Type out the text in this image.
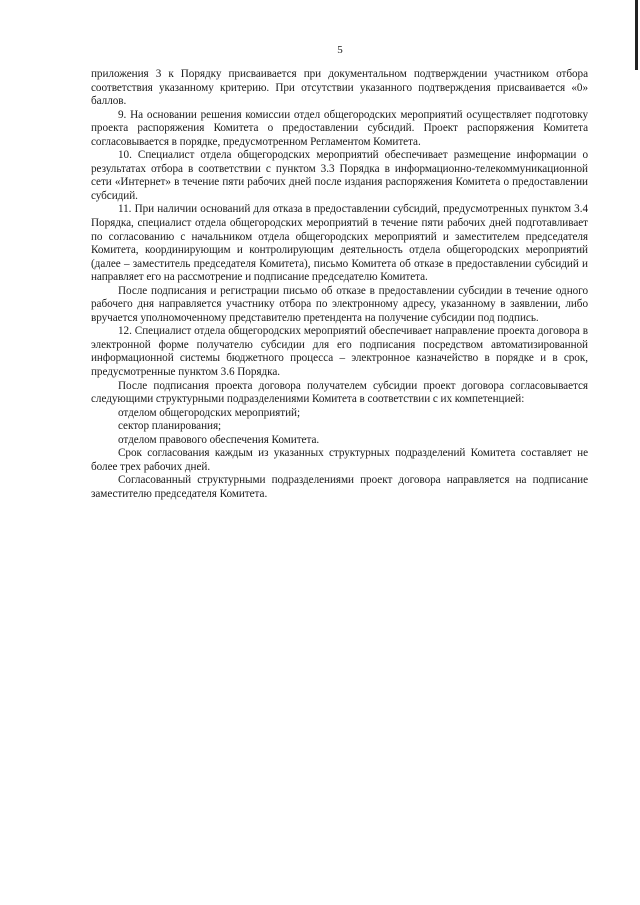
5

приложения 3 к Порядку присваивается при документальном подтверждении участником отбора соответствия указанному критерию. При отсутствии указанного подтверждения присваивается «0» баллов.

9. На основании решения комиссии отдел общегородских мероприятий осуществляет подготовку проекта распоряжения Комитета о предоставлении субсидий. Проект распоряжения Комитета согласовывается в порядке, предусмотренном Регламентом Комитета.

10. Специалист отдела общегородских мероприятий обеспечивает размещение информации о результатах отбора в соответствии с пунктом 3.3 Порядка в информационно-телекоммуникационной сети «Интернет» в течение пяти рабочих дней после издания распоряжения Комитета о предоставлении субсидий.

11. При наличии оснований для отказа в предоставлении субсидий, предусмотренных пунктом 3.4 Порядка, специалист отдела общегородских мероприятий в течение пяти рабочих дней подготавливает по согласованию с начальником отдела общегородских мероприятий и заместителем председателя Комитета, координирующим и контролирующим деятельность отдела общегородских мероприятий (далее – заместитель председателя Комитета), письмо Комитета об отказе в предоставлении субсидий и направляет его на рассмотрение и подписание председателю Комитета.

После подписания и регистрации письмо об отказе в предоставлении субсидии в течение одного рабочего дня направляется участнику отбора по электронному адресу, указанному в заявлении, либо вручается уполномоченному представителю претендента на получение субсидии под подпись.

12. Специалист отдела общегородских мероприятий обеспечивает направление проекта договора в электронной форме получателю субсидии для его подписания посредством автоматизированной информационной системы бюджетного процесса – электронное казначейство в порядке и в срок, предусмотренные пунктом 3.6 Порядка.

После подписания проекта договора получателем субсидии проект договора согласовывается следующими структурными подразделениями Комитета в соответствии с их компетенцией:

отделом общегородских мероприятий;

сектор планирования;

отделом правового обеспечения Комитета.

Срок согласования каждым из указанных структурных подразделений Комитета составляет не более трех рабочих дней.

Согласованный структурными подразделениями проект договора направляется на подписание заместителю председателя Комитета.
